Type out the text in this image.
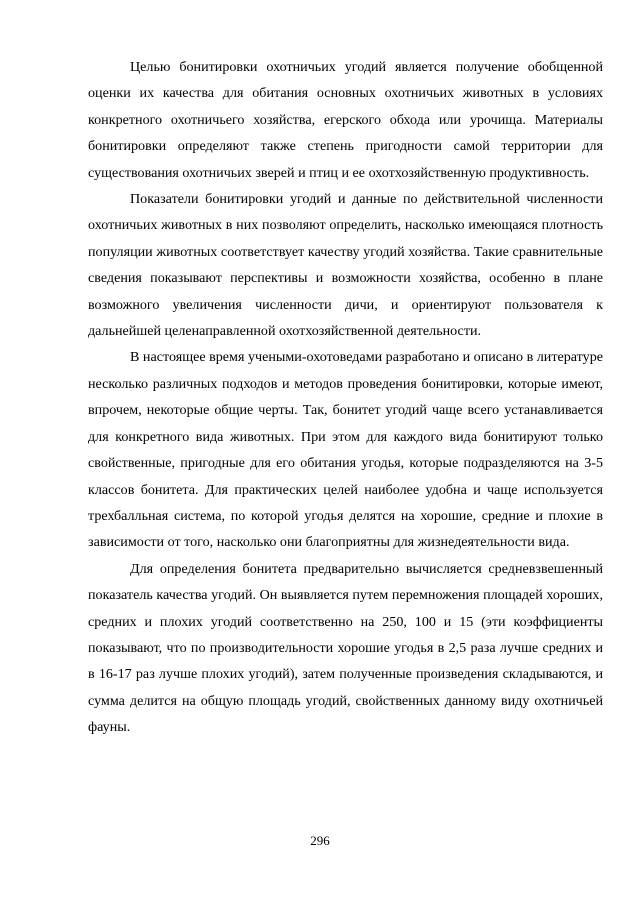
Целью бонитировки охотничьих угодий является получение обобщенной оценки их качества для обитания основных охотничьих животных в условиях конкретного охотничьего хозяйства, егерского обхода или урочища. Материалы бонитировки определяют также степень пригодности самой территории для существования охотничьих зверей и птиц и ее охотхозяйственную продуктивность.

Показатели бонитировки угодий и данные по действительной численности охотничьих животных в них позволяют определить, насколько имеющаяся плотность популяции животных соответствует качеству угодий хозяйства. Такие сравнительные сведения показывают перспективы и возможности хозяйства, особенно в плане возможного увеличения численности дичи, и ориентируют пользователя к дальнейшей целенаправленной охотхозяйственной деятельности.

В настоящее время учеными-охотоведами разработано и описано в литературе несколько различных подходов и методов проведения бонитировки, которые имеют, впрочем, некоторые общие черты. Так, бонитет угодий чаще всего устанавливается для конкретного вида животных. При этом для каждого вида бонитируют только свойственные, пригодные для его обитания угодья, которые подразделяются на 3-5 классов бонитета. Для практических целей наиболее удобна и чаще используется трехбалльная система, по которой угодья делятся на хорошие, средние и плохие в зависимости от того, насколько они благоприятны для жизнедеятельности вида.

Для определения бонитета предварительно вычисляется средневзвешенный показатель качества угодий. Он выявляется путем перемножения площадей хороших, средних и плохих угодий соответственно на 250, 100 и 15 (эти коэффициенты показывают, что по производительности хорошие угодья в 2,5 раза лучше средних и в 16-17 раз лучше плохих угодий), затем полученные произведения складываются, и сумма делится на общую площадь угодий, свойственных данному виду охотничьей фауны.

296
